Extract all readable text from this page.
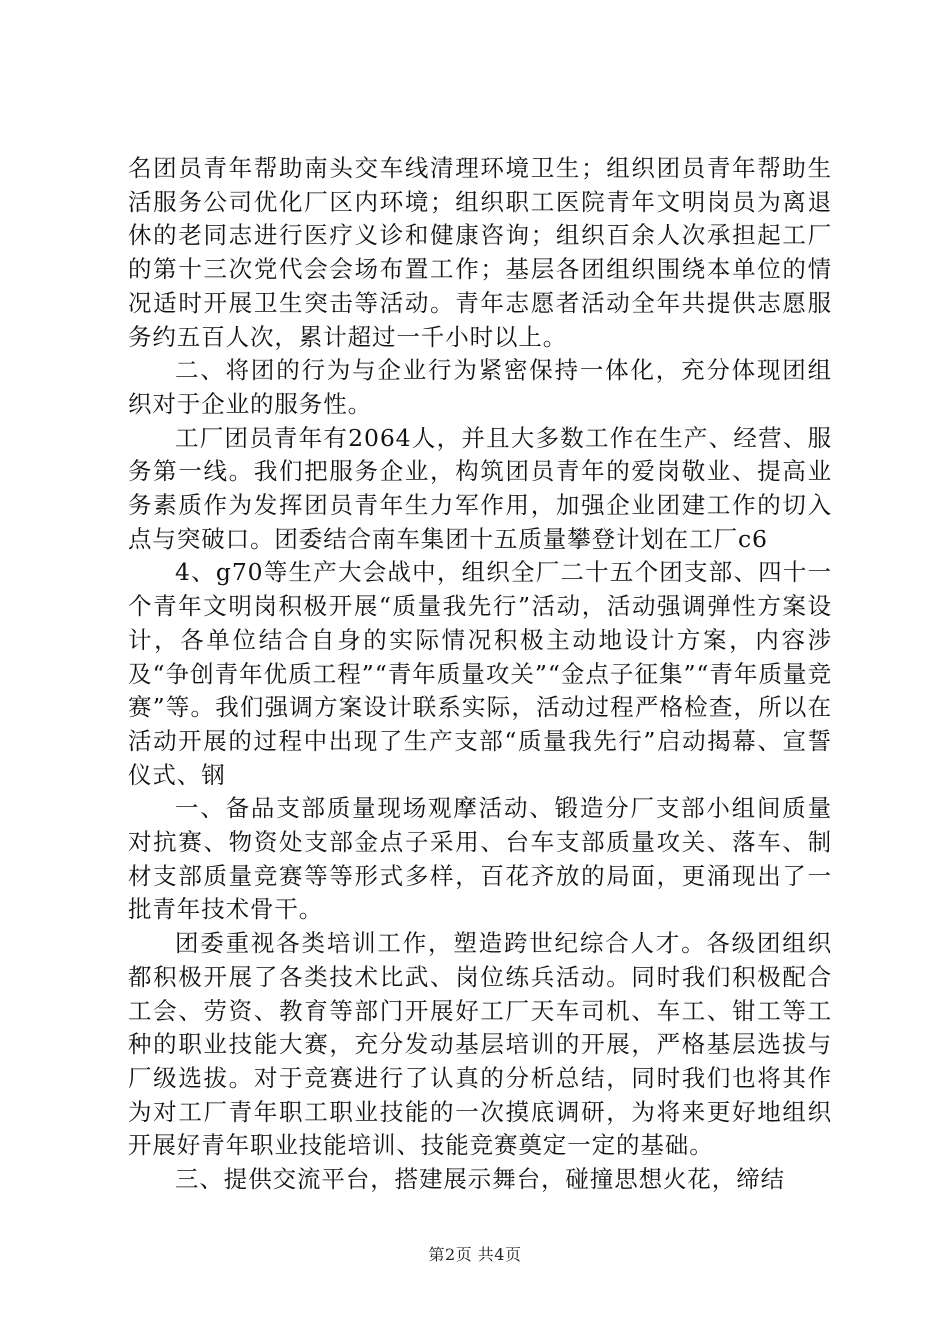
名团员青年帮助南头交车线清理环境卫生；组织团员青年帮助生活服务公司优化厂区内环境；组织职工医院青年文明岗员为离退休的老同志进行医疗义诊和健康咨询；组织百余人次承担起工厂的第十三次党代会会场布置工作；基层各团组织围绕本单位的情况适时开展卫生突击等活动。青年志愿者活动全年共提供志愿服务约五百人次，累计超过一千小时以上。

二、将团的行为与企业行为紧密保持一体化，充分体现团组织对于企业的服务性。

工厂团员青年有2064人，并且大多数工作在生产、经营、服务第一线。我们把服务企业，构筑团员青年的爱岗敬业、提高业务素质作为发挥团员青年生力军作用，加强企业团建工作的切入点与突破口。团委结合南车集团十五质量攀登计划在工厂c6

4、g70等生产大会战中，组织全厂二十五个团支部、四十一个青年文明岗积极开展“质量我先行”活动，活动强调弹性方案设计，各单位结合自身的实际情况积极主动地设计方案，内容涉及“争创青年优质工程”“青年质量攻关”“金点子征集”“青年质量竞赛”等。我们强调方案设计联系实际，活动过程严格检查，所以在活动开展的过程中出现了生产支部“质量我先行”启动揭幕、宣誓仪式、钢

一、备品支部质量现场观摩活动、锻造分厂支部小组间质量对抗赛、物资处支部金点子采用、台车支部质量攻关、落车、制材支部质量竞赛等等形式多样，百花齐放的局面，更涌现出了一批青年技术骨干。

团委重视各类培训工作，塑造跨世纪综合人才。各级团组织都积极开展了各类技术比武、岗位练兵活动。同时我们积极配合工会、劳资、教育等部门开展好工厂天车司机、车工、钳工等工种的职业技能大赛，充分发动基层培训的开展，严格基层选拔与厂级选拔。对于竞赛进行了认真的分析总结，同时我们也将其作为对工厂青年职工职业技能的一次摸底调研，为将来更好地组织开展好青年职业技能培训、技能竞赛奠定一定的基础。

三、提供交流平台，搭建展示舞台，碰撞思想火花，缔结

第2页 共4页
